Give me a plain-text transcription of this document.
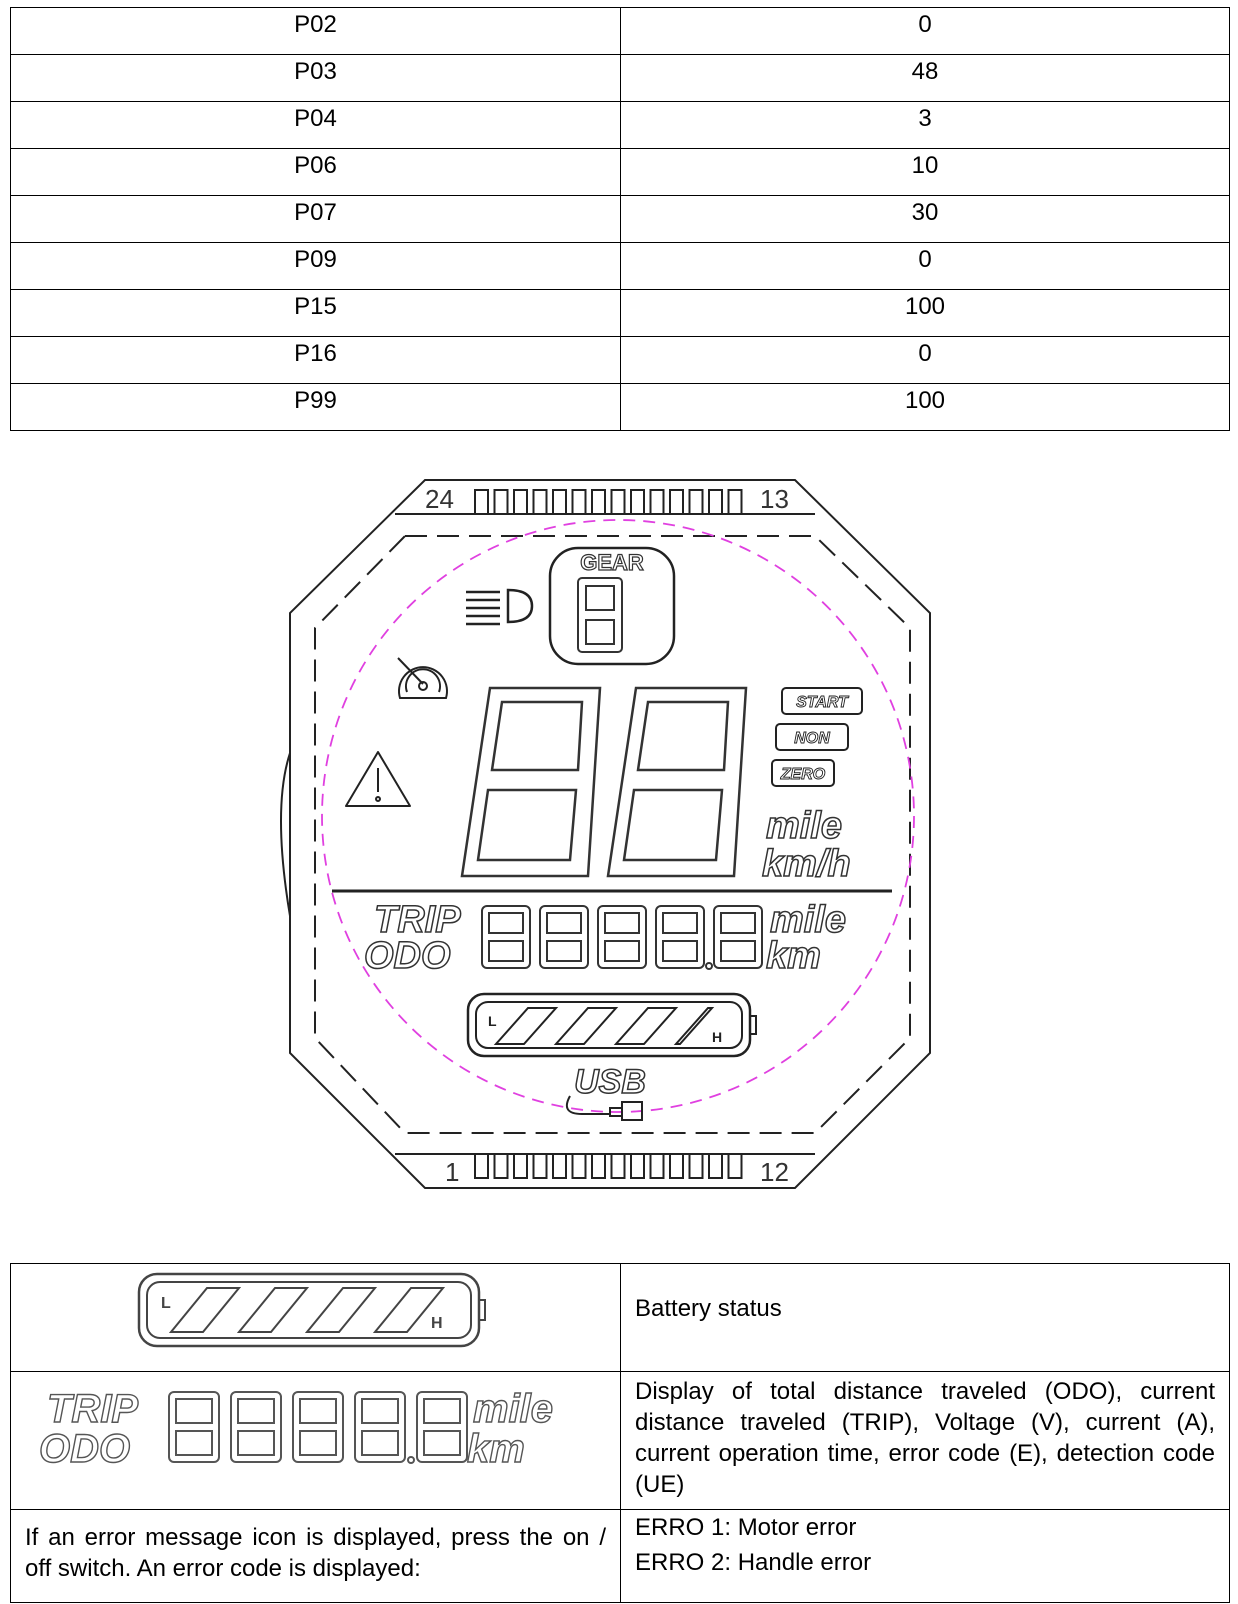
P02	0
P03	48
P04	3
P06	10
P07	30
P09	0
P15	100
P16	0
P99	100
24	13
1	12
GEAR
START
NON
ZERO
mile
km/h
TRIP
ODO
mile
km
L
H
USB
L
H	Battery status

TRIP
ODO
mile
km	Display of total distance traveled (ODO), current distance traveled (TRIP), Voltage (V), current (A), current operation time, error code (E), detection code (UE)

If an error message icon is displayed, press the on / off switch. An error code is displayed:	ERRO 1: Motor error
ERRO 2: Handle error
